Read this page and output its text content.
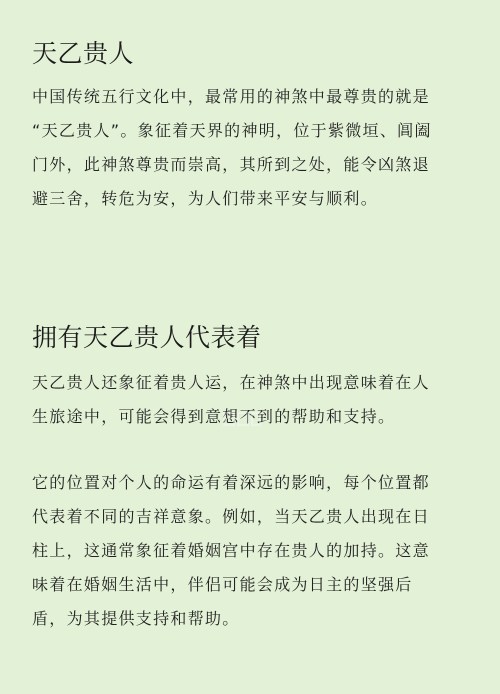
天乙贵人
中国传统五行文化中，最常用的神煞中最尊贵的就是
“天乙贵人”。象征着天界的神明，位于紫微垣、阊阖
门外，此神煞尊贵而崇高，其所到之处，能令凶煞退
避三舍，转危为安，为人们带来平安与顺利。
拥有天乙贵人代表着
天乙贵人还象征着贵人运，在神煞中出现意味着在人
生旅途中，可能会得到意想不到的帮助和支持。
它的位置对个人的命运有着深远的影响，每个位置都
代表着不同的吉祥意象。例如，当天乙贵人出现在日
柱上，这通常象征着婚姻宫中存在贵人的加持。这意
味着在婚姻生活中，伴侣可能会成为日主的坚强后
盾，为其提供支持和帮助。
